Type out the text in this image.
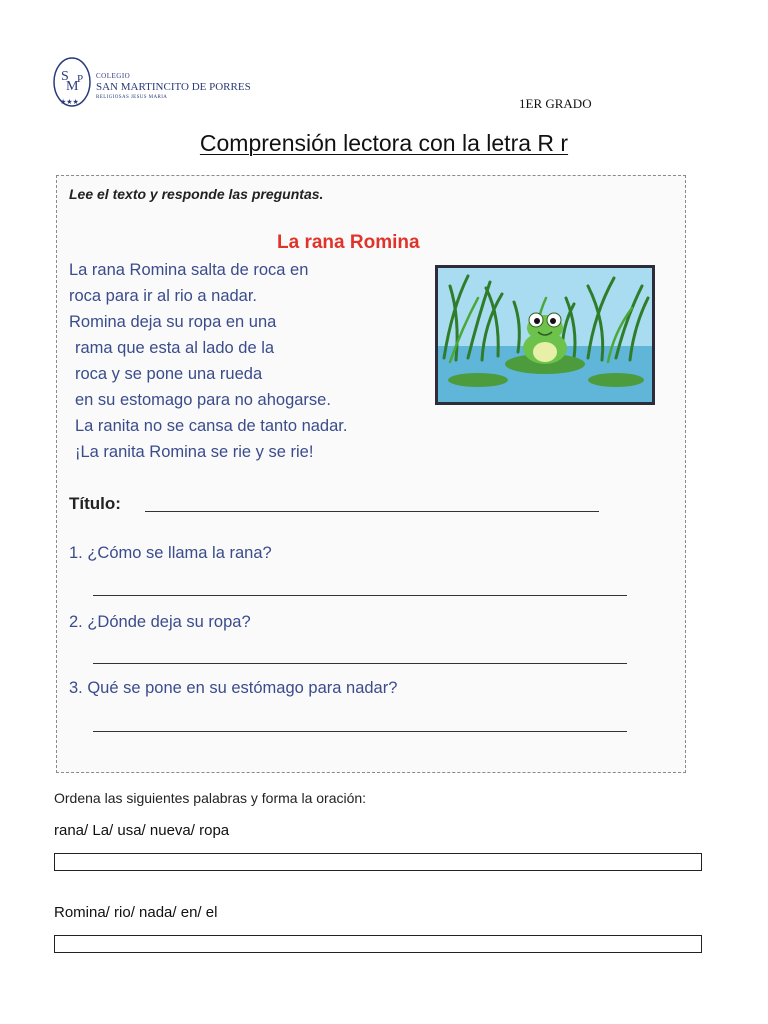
S
M
P
★★★
COLEGIO
SAN MARTINCITO DE PORRES
RELIGIOSAS JESUS MARIA	1ER GRADO
Comprensión lectora con la letra R r
Lee el texto y responde las preguntas.
La rana Romina
La rana Romina salta de roca en
roca para ir al rio a nadar.
Romina deja su ropa en una
rama que esta al lado de la
roca y se pone una rueda
en su estomago para no ahogarse.
La ranita no se cansa de tanto nadar.
¡La ranita Romina se rie y se rie!
Título:
1. ¿Cómo se llama la rana?
2. ¿Dónde deja su ropa?
3. Qué se pone en su estómago para nadar?
Ordena las siguientes palabras y forma la oración:
rana/ La/ usa/ nueva/ ropa
Romina/ rio/ nada/ en/ el
